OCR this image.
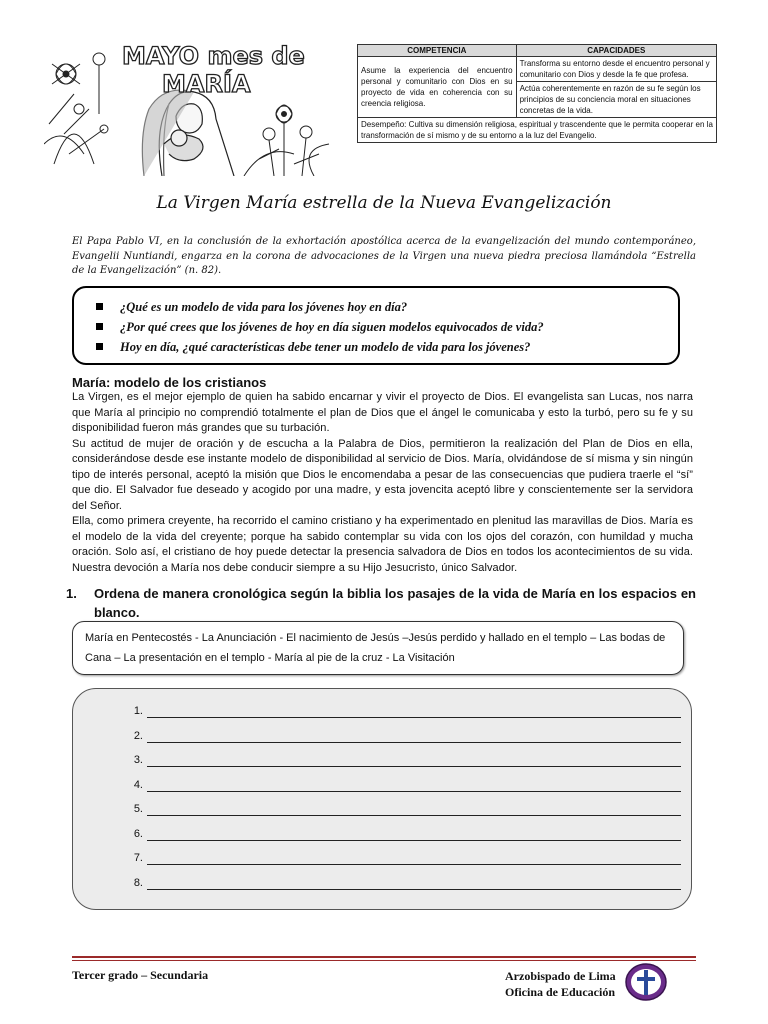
MAYO mes de
MARÍA
COMPETENCIA	CAPACIDADES
Asume la experiencia del encuentro personal y comunitario con Dios en su proyecto de vida en coherencia con su creencia religiosa.	Transforma su entorno desde el encuentro personal y comunitario con Dios y desde la fe que profesa.
	Actúa coherentemente en razón de su fe según los principios de su conciencia moral en situaciones concretas de la vida.
Desempeño: Cultiva su dimensión religiosa, espiritual y trascendente que le permita cooperar en la transformación de sí mismo y de su entorno a la luz del Evangelio.	
La Virgen María estrella de la Nueva Evangelización
El Papa Pablo VI, en la conclusión de la exhortación apostólica acerca de la evangelización del mundo contemporáneo, Evangelii Nuntiandi, engarza en la corona de advocaciones de la Virgen una nueva piedra preciosa llamándola “Estrella de la Evangelización” (n. 82).
¿Qué es un modelo de vida para los jóvenes hoy en día?
¿Por qué crees que los jóvenes de hoy en día siguen modelos equivocados de vida?
Hoy en día, ¿qué características debe tener un modelo de vida para los jóvenes?
María: modelo de los cristianos

La Virgen, es el mejor ejemplo de quien ha sabido encarnar y vivir el proyecto de Dios. El evangelista san Lucas, nos narra que María al principio no comprendió totalmente el plan de Dios que el ángel le comunicaba y esto la turbó, pero su fe y su disponibilidad fueron más grandes que su turbación.

Su actitud de mujer de oración y de escucha a la Palabra de Dios, permitieron la realización del Plan de Dios en ella, considerándose desde ese instante modelo de disponibilidad al servicio de Dios. María, olvidándose de sí misma y sin ningún tipo de interés personal, aceptó la misión que Dios le encomendaba a pesar de las consecuencias que pudiera traerle el “sí” que dio. El Salvador fue deseado y acogido por una madre, y esta jovencita aceptó libre y conscientemente ser la servidora del Señor.

Ella, como primera creyente, ha recorrido el camino cristiano y ha experimentado en plenitud las maravillas de Dios. María es el modelo de la vida del creyente; porque ha sabido contemplar su vida con los ojos del corazón, con humildad y mucha oración. Solo así, el cristiano de hoy puede detectar la presencia salvadora de Dios en todos los acontecimientos de su vida. Nuestra devoción a María nos debe conducir siempre a su Hijo Jesucristo, único Salvador.

1.	Ordena de manera cronológica según la biblia los pasajes de la vida de María en los espacios en blanco.
María en Pentecostés - La Anunciación - El nacimiento de Jesús –Jesús perdido y hallado en el templo – Las bodas de Cana – La presentación en el templo - María al pie de la cruz - La Visitación
1.
2.
3.
4.
5.
6.
7.
8.
Tercer grado – Secundaria	Arzobispado de Lima
Oficina de Educación
